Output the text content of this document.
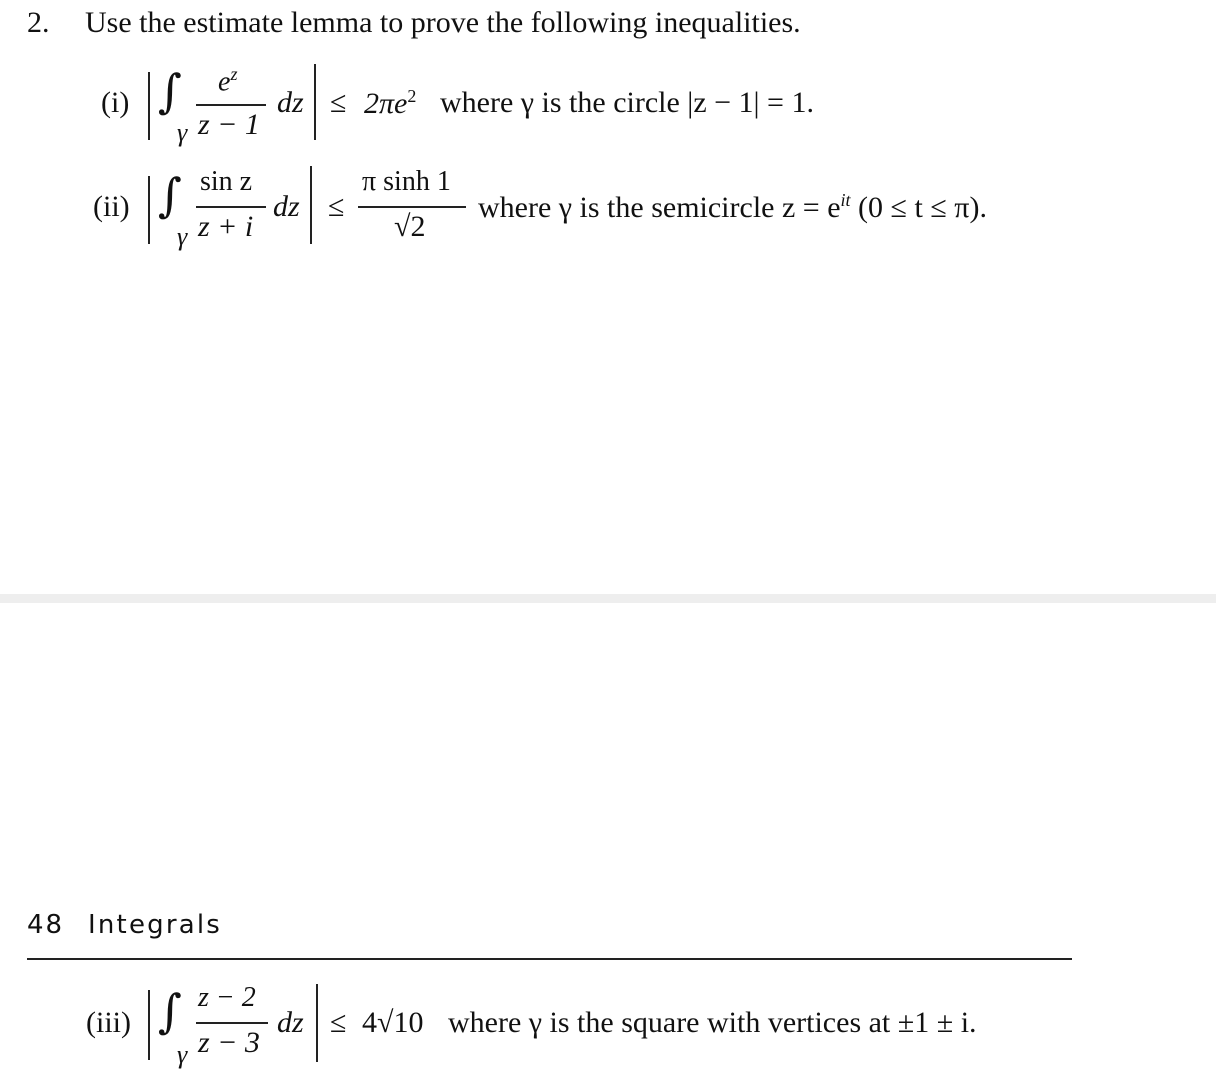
2. Use the estimate lemma to prove the following inequalities.
(i) ∫
γ
$e^z$
z − 1
dz ≤ $2\pi e^2$ where γ is the circle |z − 1| = 1.
(ii) ∫
γ
sin z
z + i
dz ≤
π sinh 1
√2
where γ is the semicircle $z = e^{it}$ (0 ≤ t ≤ π).
48 Integrals
(iii) ∫
γ
z − 2
z − 3
dz ≤ 4√10 where γ is the square with vertices at ±1 ± i.
